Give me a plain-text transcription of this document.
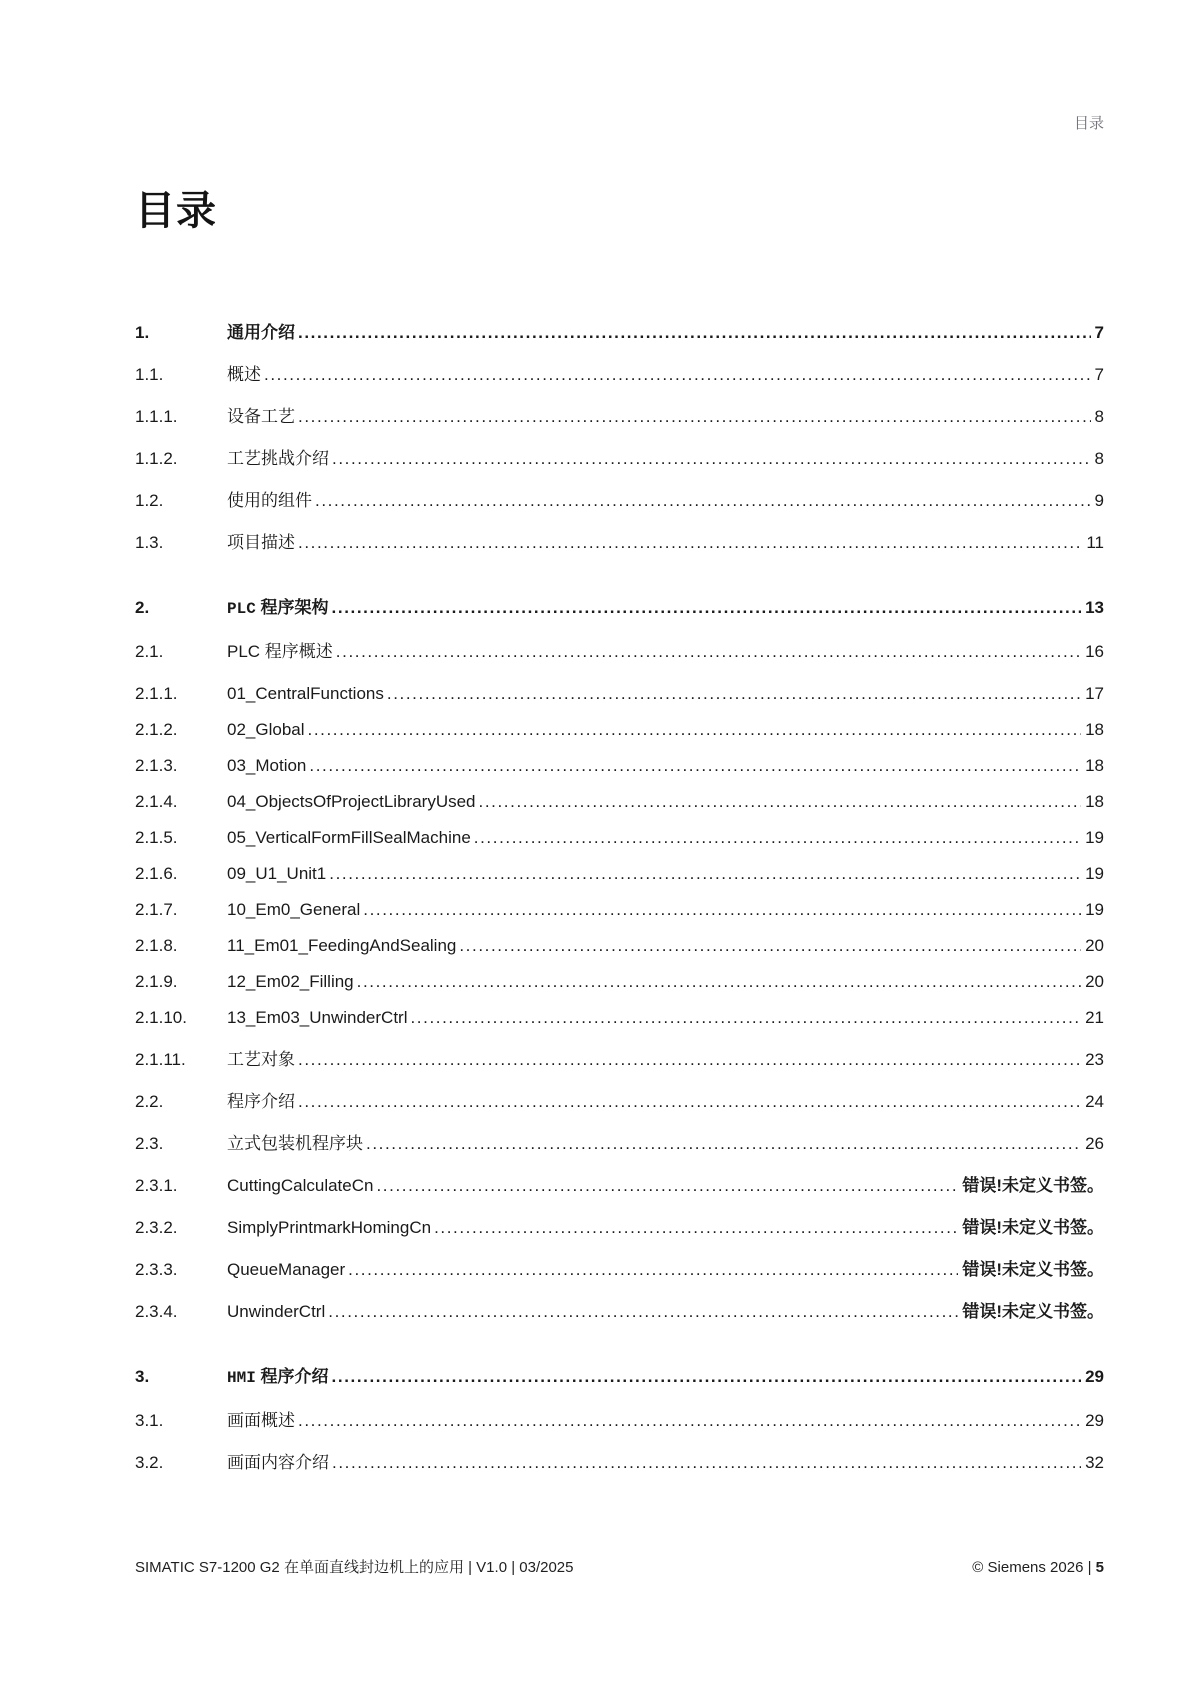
目录
目录
1.	通用介绍 .....	7
1.1.	概述 .....	7
1.1.1.	设备工艺 .....	8
1.1.2.	工艺挑战介绍 .....	8
1.2.	使用的组件 .....	9
1.3.	项目描述 .....	11
2.	PLC 程序架构 .....	13
2.1.	PLC 程序概述 .....	16
2.1.1.	01_CentralFunctions .....	17
2.1.2.	02_Global .....	18
2.1.3.	03_Motion .....	18
2.1.4.	04_ObjectsOfProjectLibraryUsed .....	18
2.1.5.	05_VerticalFormFillSealMachine .....	19
2.1.6.	09_U1_Unit1 .....	19
2.1.7.	10_Em0_General .....	19
2.1.8.	11_Em01_FeedingAndSealing .....	20
2.1.9.	12_Em02_Filling .....	20
2.1.10.	13_Em03_UnwinderCtrl .....	21
2.1.11.	工艺对象 .....	23
2.2.	程序介绍 .....	24
2.3.	立式包装机程序块 .....	26
2.3.1.	CuttingCalculateCn .....	错误!未定义书签。
2.3.2.	SimplyPrintmarkHomingCn .....	错误!未定义书签。
2.3.3.	QueueManager .....	错误!未定义书签。
2.3.4.	UnwinderCtrl .....	错误!未定义书签。
3.	HMI 程序介绍 .....	29
3.1.	画面概述 .....	29
3.2.	画面内容介绍 .....	32
SIMATIC S7-1200 G2 在单面直线封边机上的应用 | V1.0 | 03/2025	© Siemens 2026 | 5
